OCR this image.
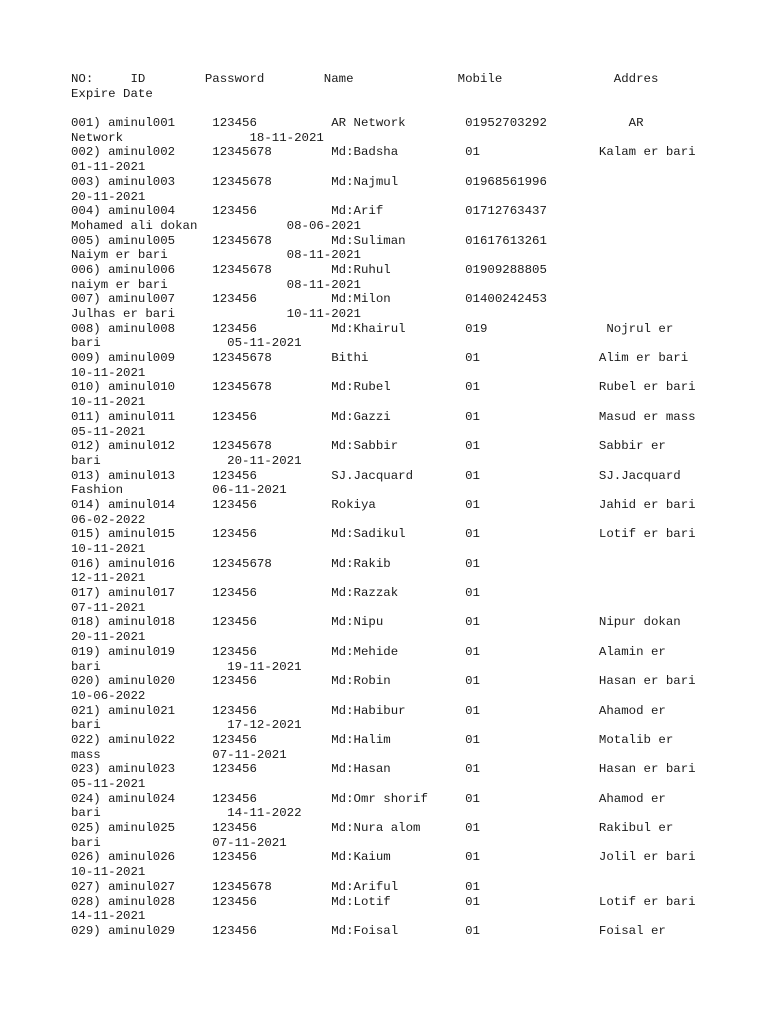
NO:     ID        Password        Name              Mobile               Addres
Expire Date

001) aminul001     123456          AR Network        01952703292           AR
Network                 18-11-2021
002) aminul002     12345678        Md:Badsha         01                Kalam er bari
01-11-2021
003) aminul003     12345678        Md:Najmul         01968561996
20-11-2021
004) aminul004     123456          Md:Arif           01712763437
Mohamed ali dokan            08-06-2021
005) aminul005     12345678        Md:Suliman        01617613261
Naiym er bari                08-11-2021
006) aminul006     12345678        Md:Ruhul          01909288805
naiym er bari                08-11-2021
007) aminul007     123456          Md:Milon          01400242453
Julhas er bari               10-11-2021
008) aminul008     123456          Md:Khairul        019                Nojrul er
bari                 05-11-2021
009) aminul009     12345678        Bithi             01                Alim er bari
10-11-2021
010) aminul010     12345678        Md:Rubel          01                Rubel er bari
10-11-2021
011) aminul011     123456          Md:Gazzi          01                Masud er mass
05-11-2021
012) aminul012     12345678        Md:Sabbir         01                Sabbir er
bari                 20-11-2021
013) aminul013     123456          SJ.Jacquard       01                SJ.Jacquard
Fashion            06-11-2021
014) aminul014     123456          Rokiya            01                Jahid er bari
06-02-2022
015) aminul015     123456          Md:Sadikul        01                Lotif er bari
10-11-2021
016) aminul016     12345678        Md:Rakib          01
12-11-2021
017) aminul017     123456          Md:Razzak         01
07-11-2021
018) aminul018     123456          Md:Nipu           01                Nipur dokan
20-11-2021
019) aminul019     123456          Md:Mehide         01                Alamin er
bari                 19-11-2021
020) aminul020     123456          Md:Robin          01                Hasan er bari
10-06-2022
021) aminul021     123456          Md:Habibur        01                Ahamod er
bari                 17-12-2021
022) aminul022     123456          Md:Halim          01                Motalib er
mass               07-11-2021
023) aminul023     123456          Md:Hasan          01                Hasan er bari
05-11-2021
024) aminul024     123456          Md:Omr shorif     01                Ahamod er
bari                 14-11-2022
025) aminul025     123456          Md:Nura alom      01                Rakibul er
bari               07-11-2021
026) aminul026     123456          Md:Kaium          01                Jolil er bari
10-11-2021
027) aminul027     12345678        Md:Ariful         01
028) aminul028     123456          Md:Lotif          01                Lotif er bari
14-11-2021
029) aminul029     123456          Md:Foisal         01                Foisal er
